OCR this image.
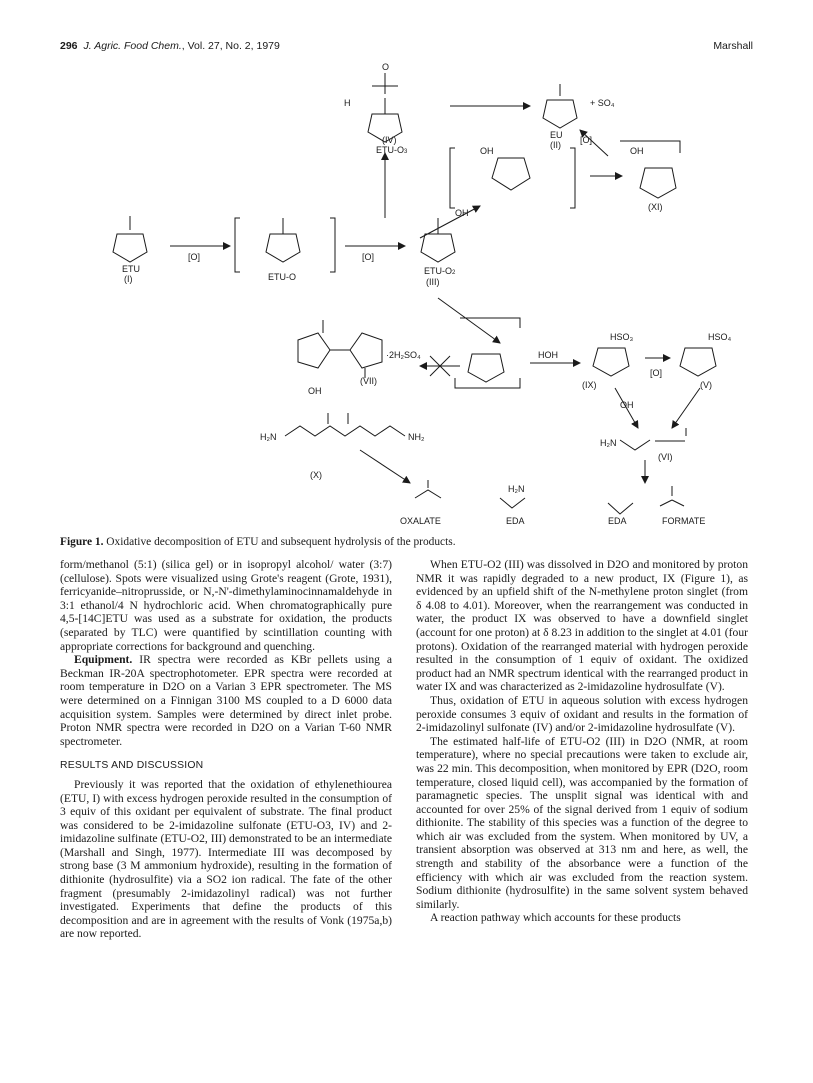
296 J. Agric. Food Chem., Vol. 27, No. 2, 1979	Marshall
O
H
ETU-O 3
(IV)
+ SO₄
EU
(II) [O]
OH
(XI)
OH
OH
ETU
(I)
[O]
ETU-O
[O]
ETU-O 2
(III)
·2H₂SO₄
(VII)
OH
HOH
HSO₃	HSO₄
[O]
(IX)	(V)
OH
(VI)
H₂N
H₂N	NH₂
(X)
H₂N
OXALATE	EDA	EDA	FORMATE
Figure 1. Oxidative decomposition of ETU and subsequent hydrolysis of the products.

form/methanol (5:1) (silica gel) or in isopropyl alcohol/ water (3:7) (cellulose). Spots were visualized using Grote's reagent (Grote, 1931), ferricyanide–nitroprusside, or N,-N'-dimethylaminocinnamaldehyde in 3:1 ethanol/4 N hydrochloric acid. When chromatographically pure 4,5-[14C]ETU was used as a substrate for oxidation, the products (separated by TLC) were quantified by scintillation counting with appropriate corrections for background and quenching.

Equipment. IR spectra were recorded as KBr pellets using a Beckman IR-20A spectrophotometer. EPR spectra were recorded at room temperature in D2O on a Varian 3 EPR spectrometer. The MS were determined on a Finnigan 3100 MS coupled to a D 6000 data acquisition system. Samples were determined by direct inlet probe. Proton NMR spectra were recorded in D2O on a Varian T-60 NMR spectrometer.

RESULTS AND DISCUSSION

Previously it was reported that the oxidation of ethylenethiourea (ETU, I) with excess hydrogen peroxide resulted in the consumption of 3 equiv of this oxidant per equivalent of substrate. The final product was considered to be 2-imidazoline sulfonate (ETU-O3, IV) and 2-imidazoline sulfinate (ETU-O2, III) demonstrated to be an intermediate (Marshall and Singh, 1977). Intermediate III was decomposed by strong base (3 M ammonium hydroxide), resulting in the formation of dithionite (hydrosulfite) via a SO2 ion radical. The fate of the other fragment (presumably 2-imidazolinyl radical) was not further investigated. Experiments that define the products of this decomposition and are in agreement with the results of Vonk (1975a,b) are now reported.

When ETU-O2 (III) was dissolved in D2O and monitored by proton NMR it was rapidly degraded to a new product, IX (Figure 1), as evidenced by an upfield shift of the N-methylene proton singlet (from δ 4.08 to 4.01). Moreover, when the rearrangement was conducted in water, the product IX was observed to have a downfield singlet (account for one proton) at δ 8.23 in addition to the singlet at 4.01 (four protons). Oxidation of the rearranged material with hydrogen peroxide resulted in the consumption of 1 equiv of oxidant. The oxidized product had an NMR spectrum identical with the rearranged product in water IX and was characterized as 2-imidazoline hydrosulfate (V).

Thus, oxidation of ETU in aqueous solution with excess hydrogen peroxide consumes 3 equiv of oxidant and results in the formation of 2-imidazolinyl sulfonate (IV) and/or 2-imidazoline hydrosulfate (V).

The estimated half-life of ETU-O2 (III) in D2O (NMR, at room temperature), where no special precautions were taken to exclude air, was 22 min. This decomposition, when monitored by EPR (D2O, room temperature, closed liquid cell), was accompanied by the formation of paramagnetic species. The unsplit signal was identical with and accounted for over 25% of the signal derived from 1 equiv of sodium dithionite. The stability of this species was a function of the degree to which air was excluded from the system. When monitored by UV, a transient absorption was observed at 313 nm and here, as well, the strength and stability of the absorbance were a function of the efficiency with which air was excluded from the reaction system. Sodium dithionite (hydrosulfite) in the same solvent system behaved similarly.

A reaction pathway which accounts for these products
